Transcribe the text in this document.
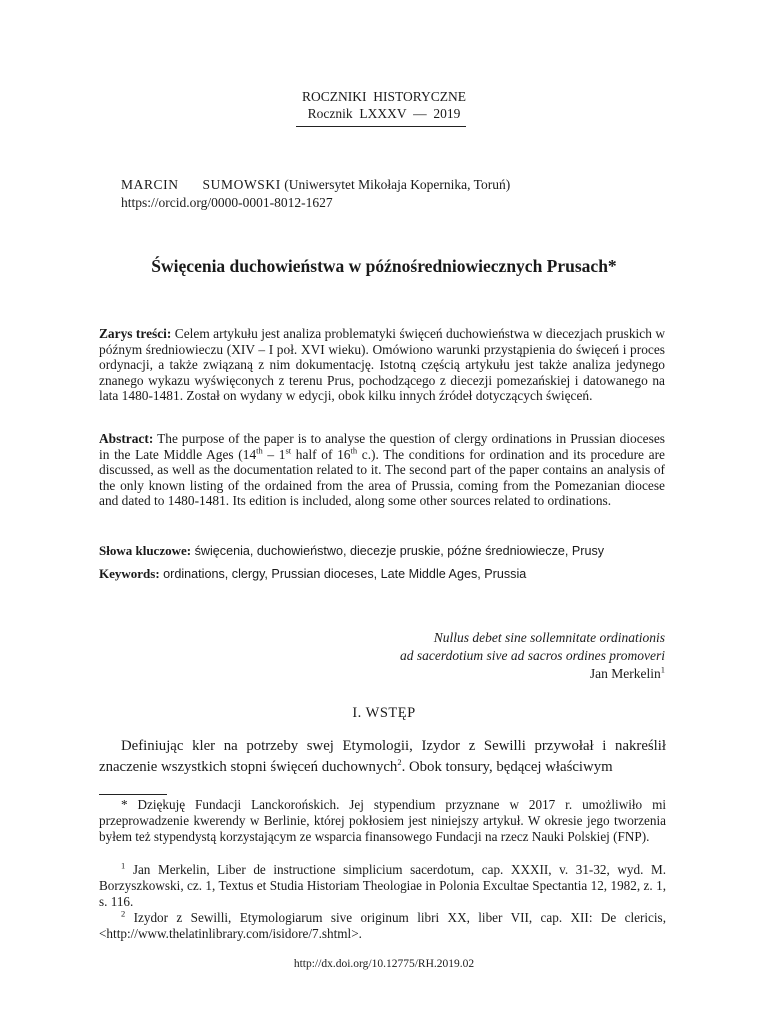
ROCZNIKI  HISTORYCZNE
Rocznik  LXXXV  —  2019
MARCIN   SUMOWSKI (Uniwersytet Mikołaja Kopernika, Toruń)
https://orcid.org/0000-0001-8012-1627
Święcenia duchowieństwa w późnośredniowiecznych Prusach*
Zarys treści: Celem artykułu jest analiza problematyki święceń duchowieństwa w diecezjach pruskich w późnym średniowieczu (XIV – I poł. XVI wieku). Omówiono warunki przystąpienia do święceń i proces ordynacji, a także związaną z nim dokumentację. Istotną częścią artykułu jest także analiza jedynego znanego wykazu wyświęconych z terenu Prus, pochodzącego z diecezji pomezańskiej i datowanego na lata 1480-1481. Został on wydany w edycji, obok kilku innych źródeł dotyczących święceń.
Abstract: The purpose of the paper is to analyse the question of clergy ordinations in Prussian dioceses in the Late Middle Ages (14th – 1st half of 16th c.). The conditions for ordination and its procedure are discussed, as well as the documentation related to it. The second part of the paper contains an analysis of the only known listing of the ordained from the area of Prussia, coming from the Pomezanian diocese and dated to 1480-1481. Its edition is included, along some other sources related to ordinations.
Słowa kluczowe: święcenia, duchowieństwo, diecezje pruskie, późne średniowiecze, Prusy
Keywords: ordinations, clergy, Prussian dioceses, Late Middle Ages, Prussia
Nullus debet sine sollemnitate ordinationis
ad sacerdotium sive ad sacros ordines promoveri
Jan Merkelin$^1$
I. WSTĘP
Definiując kler na potrzeby swej Etymologii, Izydor z Sewilli przywołał i nakreślił znaczenie wszystkich stopni święceń duchownych$^2$. Obok tonsury, będącej właściwym
* Dziękuję Fundacji Lanckorońskich. Jej stypendium przyznane w 2017 r. umożliwiło mi przeprowadzenie kwerendy w Berlinie, której pokłosiem jest niniejszy artykuł. W okresie jego tworzenia byłem też stypendystą korzystającym ze wsparcia finansowego Fundacji na rzecz Nauki Polskiej (FNP).
$^1$ Jan Merkelin, Liber de instructione simplicium sacerdotum, cap. XXXII, v. 31-32, wyd. M. Borzyszkowski, cz. 1, Textus et Studia Historiam Theologiae in Polonia Excultae Spectantia 12, 1982, z. 1, s. 116.
$^2$ Izydor z Sewilli, Etymologiarum sive originum libri XX, liber VII, cap. XII: De clericis, <http://www.thelatinlibrary.com/isidore/7.shtml>.
http://dx.doi.org/10.12775/RH.2019.02
